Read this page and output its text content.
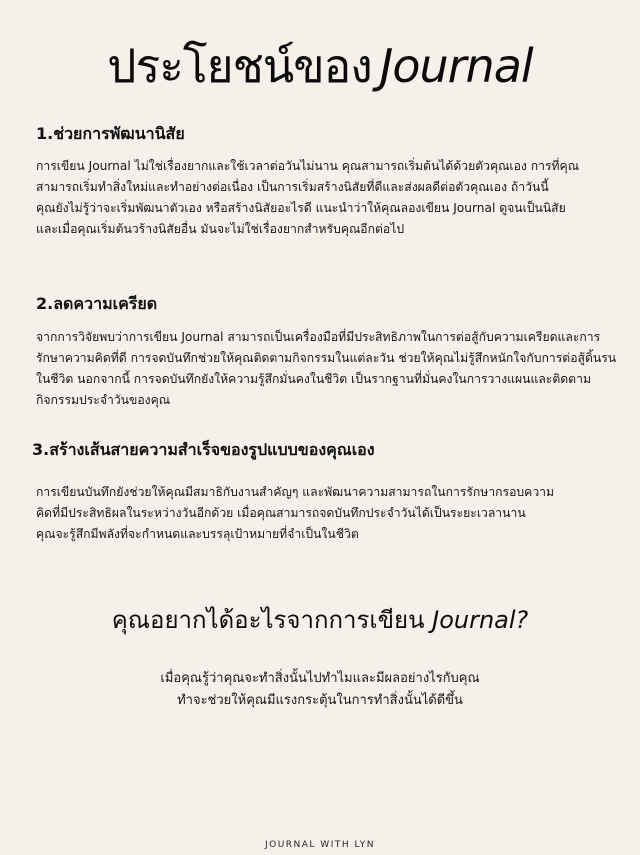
ประโยชน์ของ Journal
1.ช่วยการพัฒนานิสัย
การเขียน Journal ไม่ใช่เรื่องยากและใช้เวลาต่อวันไม่นาน คุณสามารถเริ่มต้นได้ด้วยตัวคุณเอง การที่คุณ
สามารถเริ่มทำสิ่งใหม่และทำอย่างต่อเนื่อง เป็นการเริ่มสร้างนิสัยที่ดีและส่งผลดีต่อตัวคุณเอง ถ้าวันนี้
คุณยังไม่รู้ว่าจะเริ่มพัฒนาตัวเอง หรือสร้างนิสัยอะไรดี แนะนำว่าให้คุณลองเขียน Journal ดูจนเป็นนิสัย
และเมื่อคุณเริ่มต้นวร้างนิสัยอื่น มันจะไม่ใช่เรื่องยากสำหรับคุณอีกต่อไป
2.ลดความเครียด
จากการวิจัยพบว่าการเขียน Journal สามารถเป็นเครื่องมือที่มีประสิทธิภาพในการต่อสู้กับความเครียดและการ
รักษาความคิดที่ดี การจดบันทึกช่วยให้คุณติดตามกิจกรรมในแต่ละวัน ช่วยให้คุณไม่รู้สึกหนักใจกับการต่อสู้ดิ้นรน
ในชีวิต นอกจากนี้ การจดบันทึกยังให้ความรู้สึกมั่นคงในชีวิต เป็นรากฐานที่มั่นคงในการวางแผนและติดตาม
กิจกรรมประจำวันของคุณ
3.สร้างเส้นสายความสำเร็จของรูปแบบของคุณเอง
การเขียนบันทึกยังช่วยให้คุณมีสมาธิกับงานสำคัญๆ และพัฒนาความสามารถในการรักษากรอบความ
คิดที่มีประสิทธิผลในระหว่างวันอีกด้วย เมื่อคุณสามารถจดบันทึกประจำวันได้เป็นระยะเวลานาน
คุณจะรู้สึกมีพลังที่จะกำหนดและบรรลุเป้าหมายที่จำเป็นในชีวิต
คุณอยากได้อะไรจากการเขียน Journal?
เมื่อคุณรู้ว่าคุณจะทำสิ่งนั้นไปทำไมและมีผลอย่างไรกับคุณ
ทำจะช่วยให้คุณมีแรงกระตุ้นในการทำสิ่งนั้นได้ดีขึ้น
JOURNAL WITH LYN
